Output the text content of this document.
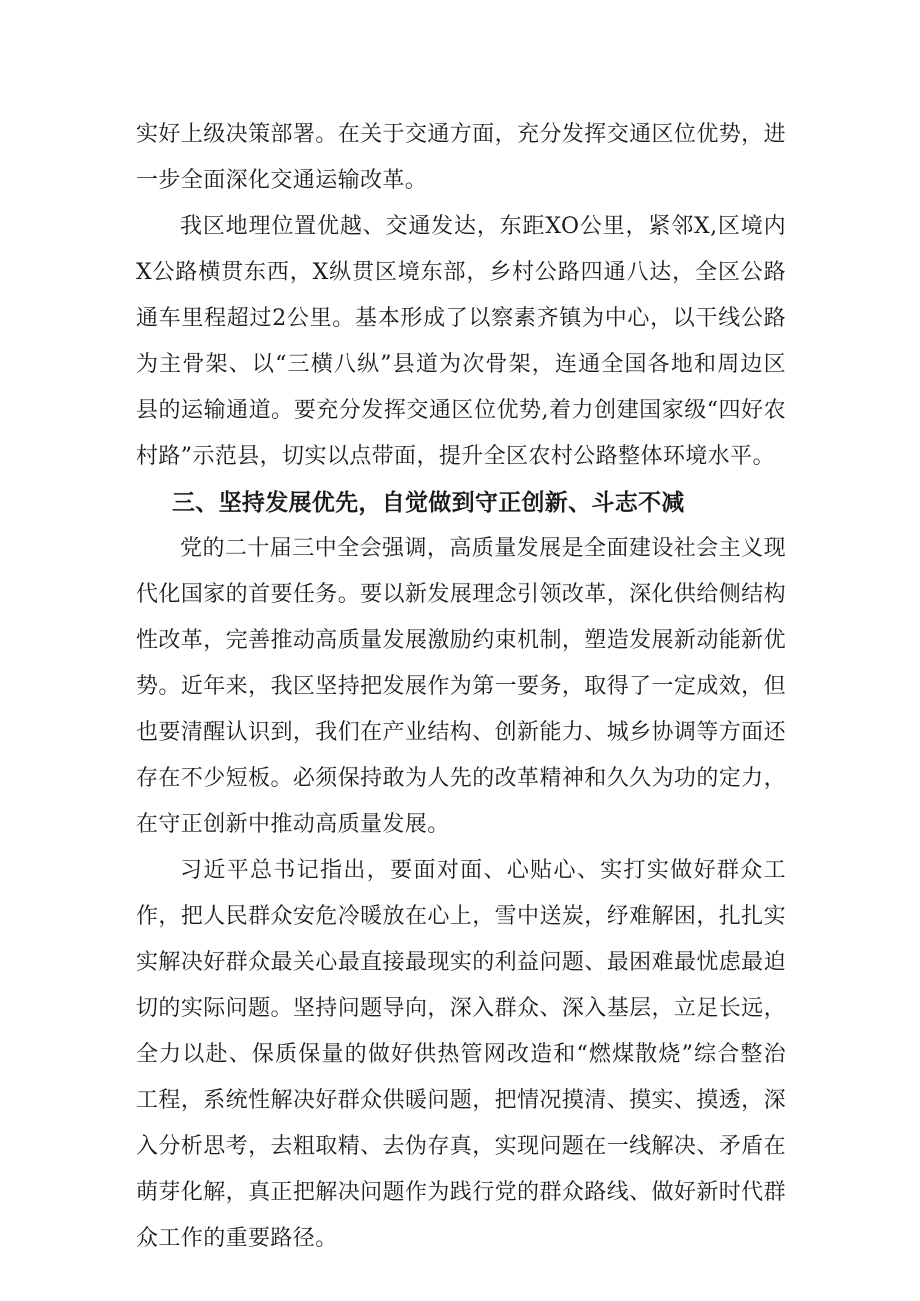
实好上级决策部署。在关于交通方面，充分发挥交通区位优势，进一步全面深化交通运输改革。

我区地理位置优越、交通发达，东距XO公里，紧邻X,区境内X公路横贯东西，X纵贯区境东部，乡村公路四通八达，全区公路通车里程超过2公里。基本形成了以察素齐镇为中心，以干线公路为主骨架、以“三横八纵”县道为次骨架，连通全国各地和周边区县的运输通道。要充分发挥交通区位优势,着力创建国家级“四好农村路”示范县，切实以点带面，提升全区农村公路整体环境水平。

三、坚持发展优先，自觉做到守正创新、斗志不减

党的二十届三中全会强调，高质量发展是全面建设社会主义现代化国家的首要任务。要以新发展理念引领改革，深化供给侧结构性改革，完善推动高质量发展激励约束机制，塑造发展新动能新优势。近年来，我区坚持把发展作为第一要务，取得了一定成效，但也要清醒认识到，我们在产业结构、创新能力、城乡协调等方面还存在不少短板。必须保持敢为人先的改革精神和久久为功的定力，在守正创新中推动高质量发展。

习近平总书记指出，要面对面、心贴心、实打实做好群众工作，把人民群众安危冷暖放在心上，雪中送炭，纾难解困，扎扎实实解决好群众最关心最直接最现实的利益问题、最困难最忧虑最迫切的实际问题。坚持问题导向，深入群众、深入基层，立足长远，全力以赴、保质保量的做好供热管网改造和“燃煤散烧”综合整治工程，系统性解决好群众供暖问题，把情况摸清、摸实、摸透，深入分析思考，去粗取精、去伪存真，实现问题在一线解决、矛盾在萌芽化解，真正把解决问题作为践行党的群众路线、做好新时代群众工作的重要路径。
